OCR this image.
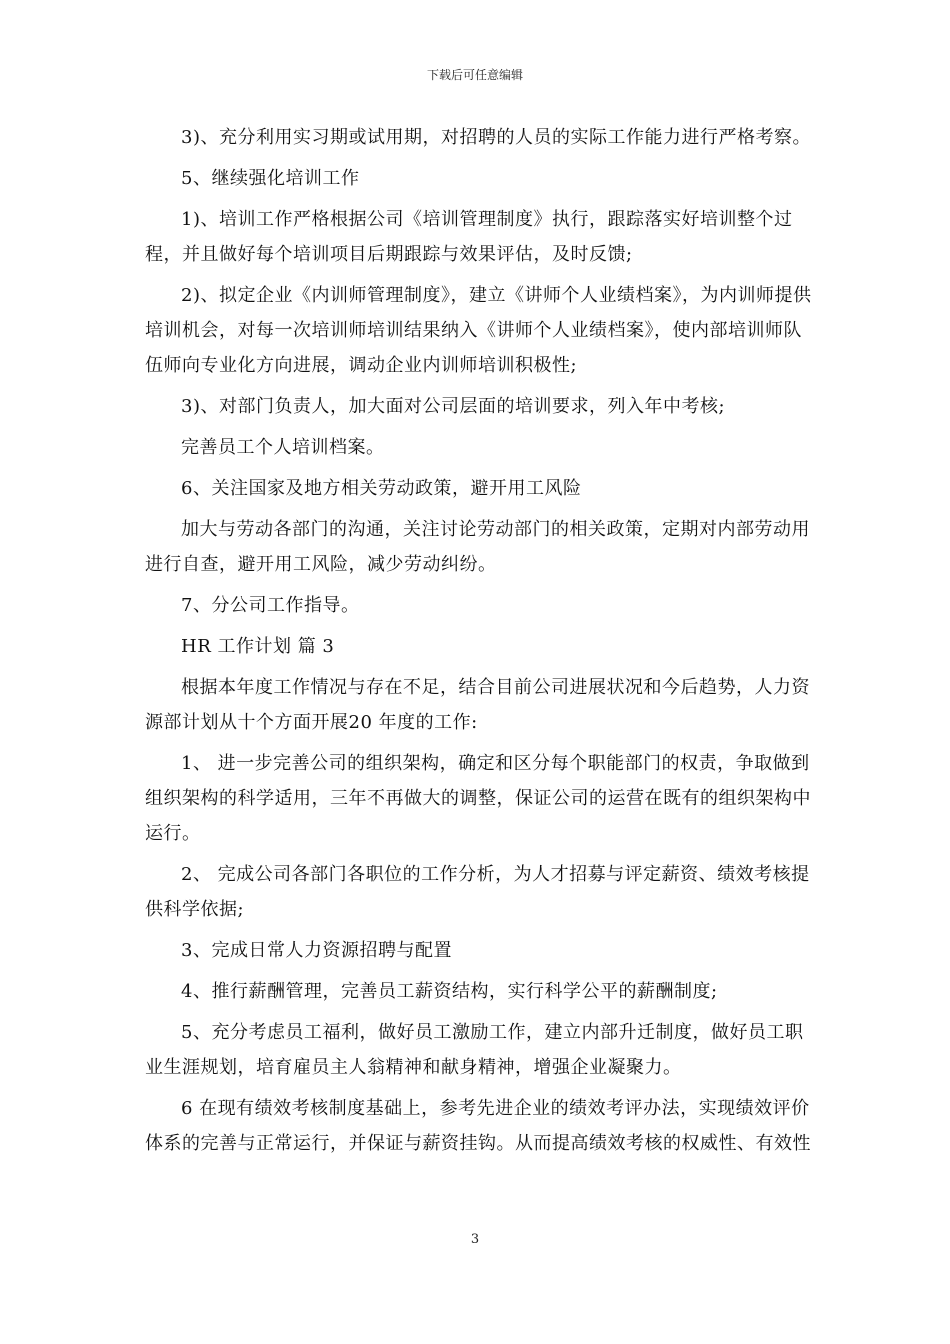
下载后可任意编辑

3)、充分利用实习期或试用期，对招聘的人员的实际工作能力进行严格考察。

5、继续强化培训工作

1)、培训工作严格根据公司《培训管理制度》执行，跟踪落实好培训整个过程，并且做好每个培训项目后期跟踪与效果评估，及时反馈;

2)、拟定企业《内训师管理制度》，建立《讲师个人业绩档案》，为内训师提供培训机会，对每一次培训师培训结果纳入《讲师个人业绩档案》，使内部培训师队伍师向专业化方向进展，调动企业内训师培训积极性;

3)、对部门负责人，加大面对公司层面的培训要求，列入年中考核;

完善员工个人培训档案。

6、关注国家及地方相关劳动政策，避开用工风险

加大与劳动各部门的沟通，关注讨论劳动部门的相关政策，定期对内部劳动用进行自查，避开用工风险，减少劳动纠纷。

7、分公司工作指导。

HR 工作计划 篇 3

根据本年度工作情况与存在不足，结合目前公司进展状况和今后趋势，人力资源部计划从十个方面开展20 年度的工作:

1、 进一步完善公司的组织架构，确定和区分每个职能部门的权责，争取做到组织架构的科学适用，三年不再做大的调整，保证公司的运营在既有的组织架构中运行。

2、 完成公司各部门各职位的工作分析，为人才招募与评定薪资、绩效考核提供科学依据;

3、完成日常人力资源招聘与配置

4、推行薪酬管理，完善员工薪资结构，实行科学公平的薪酬制度;

5、充分考虑员工福利，做好员工激励工作，建立内部升迁制度，做好员工职业生涯规划，培育雇员主人翁精神和献身精神，增强企业凝聚力。

6 在现有绩效考核制度基础上，参考先进企业的绩效考评办法，实现绩效评价体系的完善与正常运行，并保证与薪资挂钩。从而提高绩效考核的权威性、有效性

3
